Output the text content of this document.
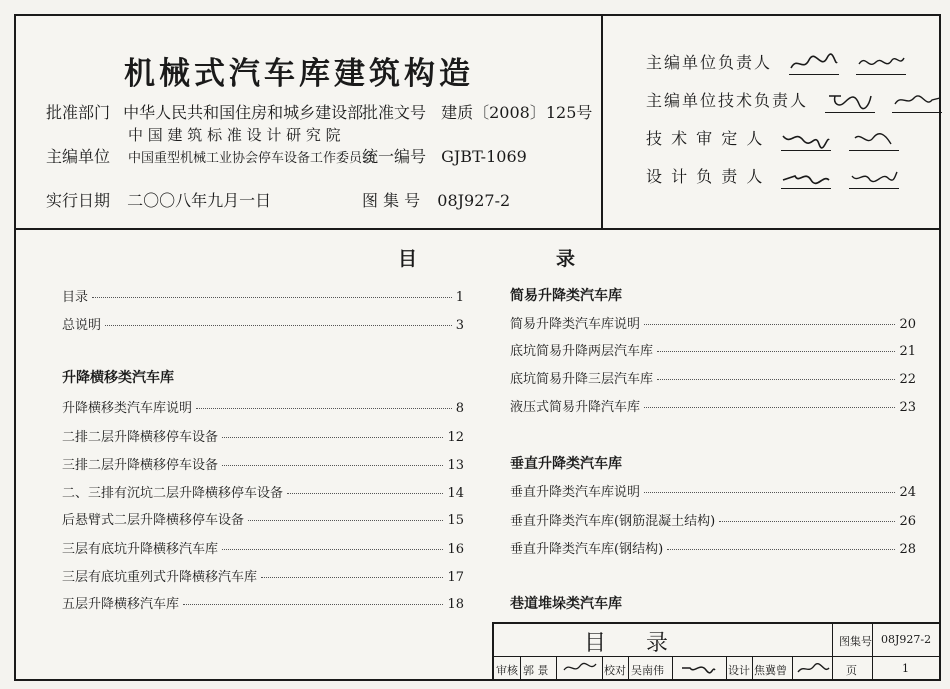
机械式汽车库建筑构造
批准部门 中华人民共和国住房和城乡建设部
批准文号 建质〔2008〕125号
主编单位
中 国 建 筑 标 准 设 计 研 究 院
中国重型机械工业协会停车设备工作委员会
统一编号 GJBT-1069
实行日期 二〇〇八年九月一日	图 集 号 08J927-2
主编单位负责人

主编单位技术负责人

技 术 审 定 人

设 计 负 责 人

目	录
目录	1
总说明	3
升降横移类汽车库
升降横移类汽车库说明	8
二排二层升降横移停车设备	12
三排二层升降横移停车设备	13
二、三排有沉坑二层升降横移停车设备	14
后悬臂式二层升降横移停车设备	15
三层有底坑升降横移汽车库	16
三层有底坑重列式升降横移汽车库	17
五层升降横移汽车库	18
简易升降类汽车库
简易升降类汽车库说明	20
底坑简易升降两层汽车库	21
底坑简易升降三层汽车库	22
液压式简易升降汽车库	23
垂直升降类汽车库
垂直升降类汽车库说明	24
垂直升降类汽车库(钢筋混凝土结构)	26
垂直升降类汽车库(钢结构)	28
巷道堆垛类汽车库
目录	图集号 08J927-2
审核 郭 景	校对 吴南伟	设计 焦冀曾	页	1
